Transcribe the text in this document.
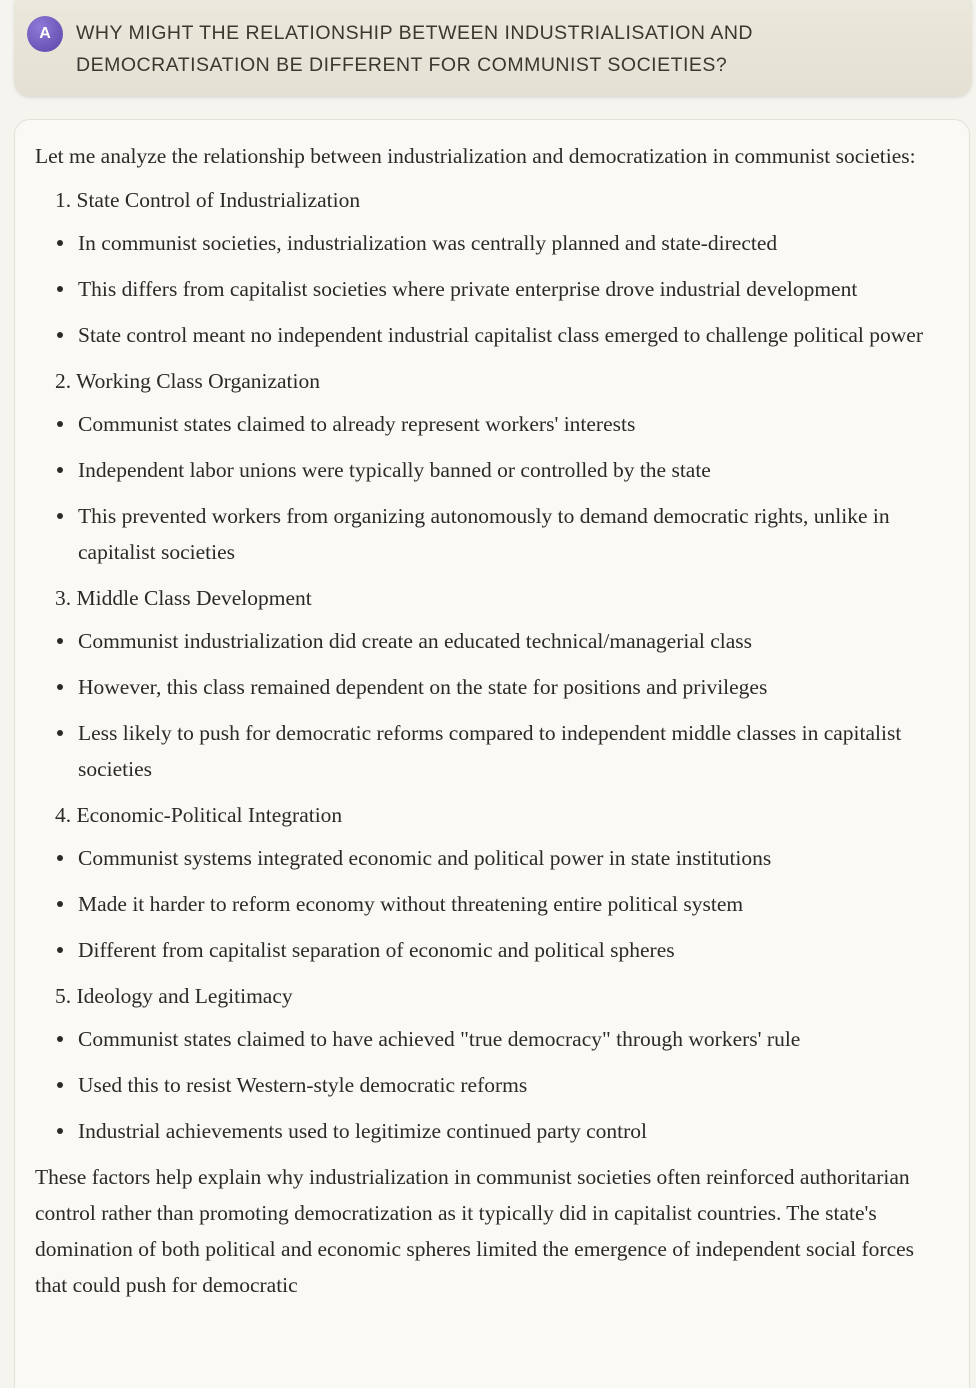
A	WHY MIGHT THE RELATIONSHIP BETWEEN INDUSTRIALISATION AND DEMOCRATISATION BE DIFFERENT FOR COMMUNIST SOCIETIES?

Let me analyze the relationship between industrialization and democratization in communist societies:

1. State Control of Industrialization

In communist societies, industrialization was centrally planned and state-directed

This differs from capitalist societies where private enterprise drove industrial development

State control meant no independent industrial capitalist class emerged to challenge political power

2. Working Class Organization

Communist states claimed to already represent workers' interests

Independent labor unions were typically banned or controlled by the state

This prevented workers from organizing autonomously to demand democratic rights, unlike in capitalist societies

3. Middle Class Development

Communist industrialization did create an educated technical/managerial class

However, this class remained dependent on the state for positions and privileges

Less likely to push for democratic reforms compared to independent middle classes in capitalist societies

4. Economic-Political Integration

Communist systems integrated economic and political power in state institutions

Made it harder to reform economy without threatening entire political system

Different from capitalist separation of economic and political spheres

5. Ideology and Legitimacy

Communist states claimed to have achieved "true democracy" through workers' rule

Used this to resist Western-style democratic reforms

Industrial achievements used to legitimize continued party control

These factors help explain why industrialization in communist societies often reinforced authoritarian control rather than promoting democratization as it typically did in capitalist countries. The state's domination of both political and economic spheres limited the emergence of independent social forces that could push for democratic
